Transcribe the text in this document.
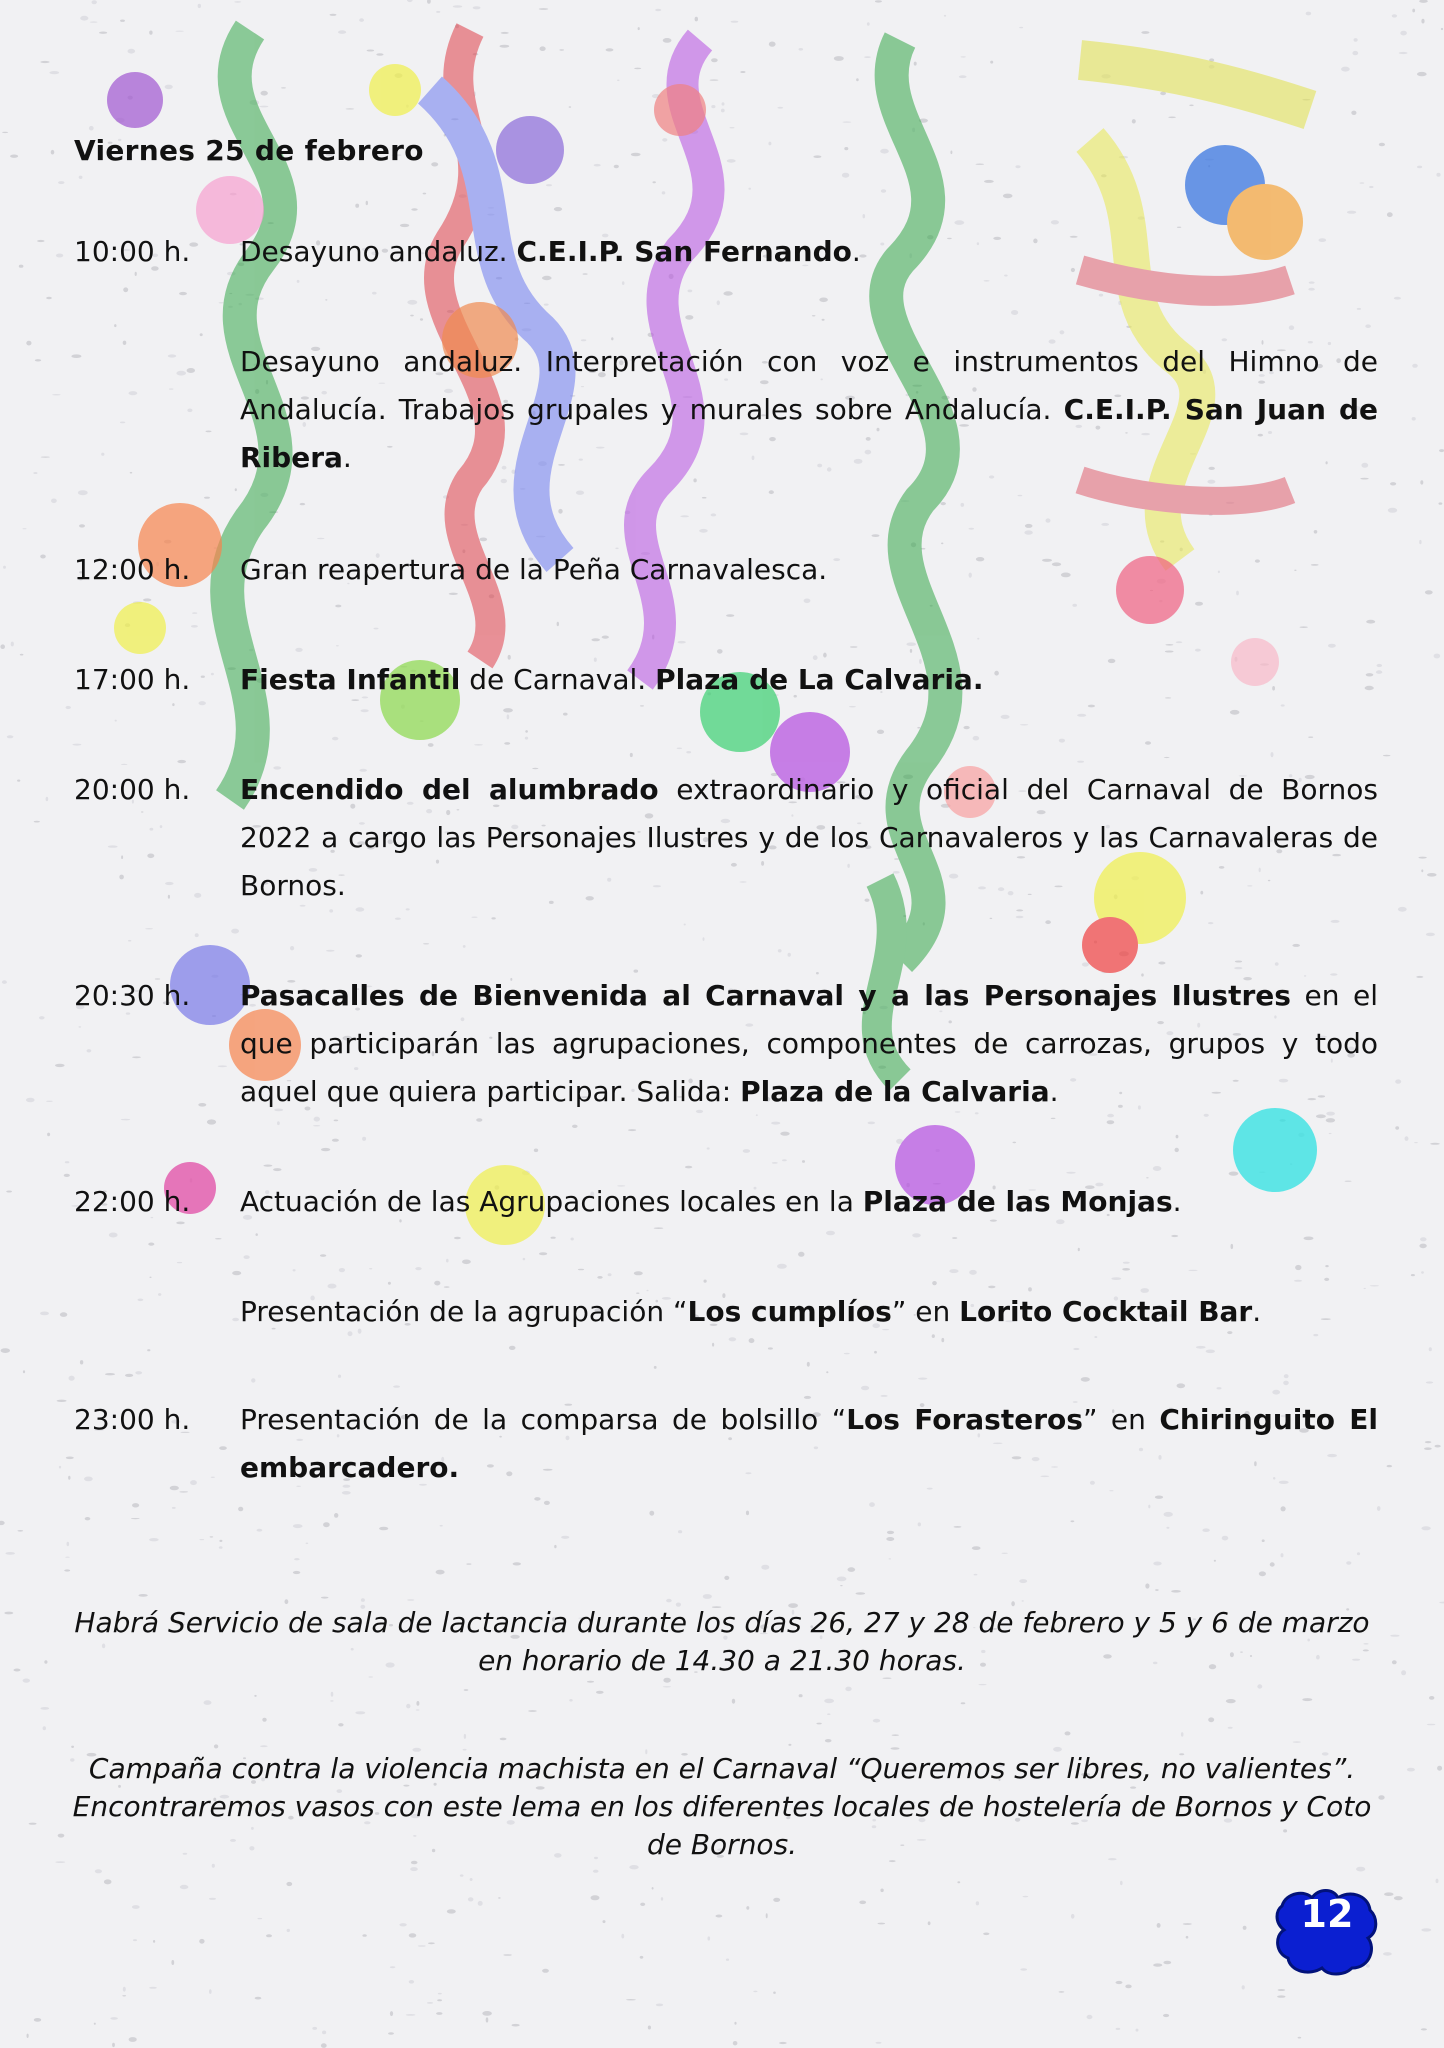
Viernes 25 de febrero
10:00 h.	Desayuno andaluz. C.E.I.P. San Fernando.
Desayuno andaluz. Interpretación con voz e instrumentos del Himno de Andalucía. Trabajos grupales y murales sobre Andalucía. C.E.I.P. San Juan de Ribera.
12:00 h.	Gran reapertura de la Peña Carnavalesca.
17:00 h.	Fiesta Infantil de Carnaval. Plaza de La Calvaria.
20:00 h.	Encendido del alumbrado extraordinario y oficial del Carnaval de Bornos 2022 a cargo las Personajes Ilustres y de los Carnavaleros y las Carnavaleras de Bornos.
20:30 h.	Pasacalles de Bienvenida al Carnaval y a las Personajes Ilustres en el que participarán las agrupaciones, componentes de carrozas, grupos y todo aquel que quiera participar. Salida: Plaza de la Calvaria.
22:00 h.	Actuación de las Agrupaciones locales en la Plaza de las Monjas.
Presentación de la agrupación “Los cumplíos” en Lorito Cocktail Bar.
23:00 h.	Presentación de la comparsa de bolsillo “Los Forasteros” en Chiringuito El embarcadero.
Habrá Servicio de sala de lactancia durante los días 26, 27 y 28 de febrero y 5 y 6 de marzo en horario de 14.30 a 21.30 horas.
Campaña contra la violencia machista en el Carnaval “Queremos ser libres, no valientes”. Encontraremos vasos con este lema en los diferentes locales de hostelería de Bornos y Coto de Bornos.
12
